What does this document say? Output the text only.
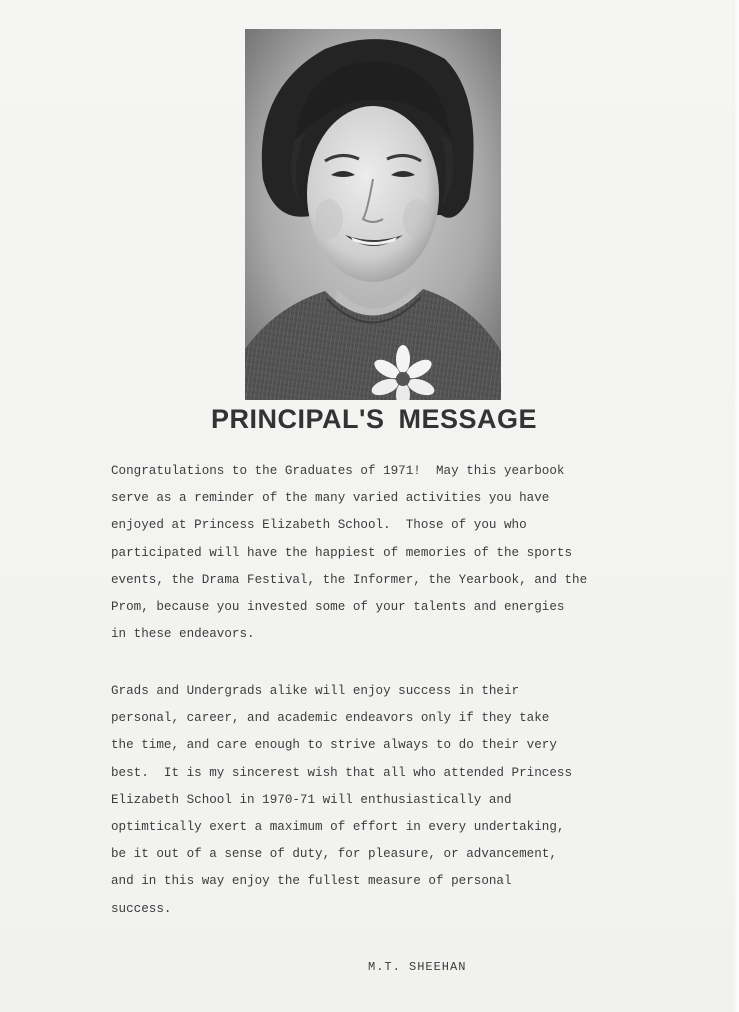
PRINCIPAL'S MESSAGE
Congratulations to the Graduates of 1971!  May this yearbook
serve as a reminder of the many varied activities you have
enjoyed at Princess Elizabeth School.  Those of you who
participated will have the happiest of memories of the sports
events, the Drama Festival, the Informer, the Yearbook, and the
Prom, because you invested some of your talents and energies
in these endeavors.
Grads and Undergrads alike will enjoy success in their
personal, career, and academic endeavors only if they take
the time, and care enough to strive always to do their very
best.  It is my sincerest wish that all who attended Princess
Elizabeth School in 1970-71 will enthusiastically and
optimtically exert a maximum of effort in every undertaking,
be it out of a sense of duty, for pleasure, or advancement,
and in this way enjoy the fullest measure of personal
success.
M.T. SHEEHAN
